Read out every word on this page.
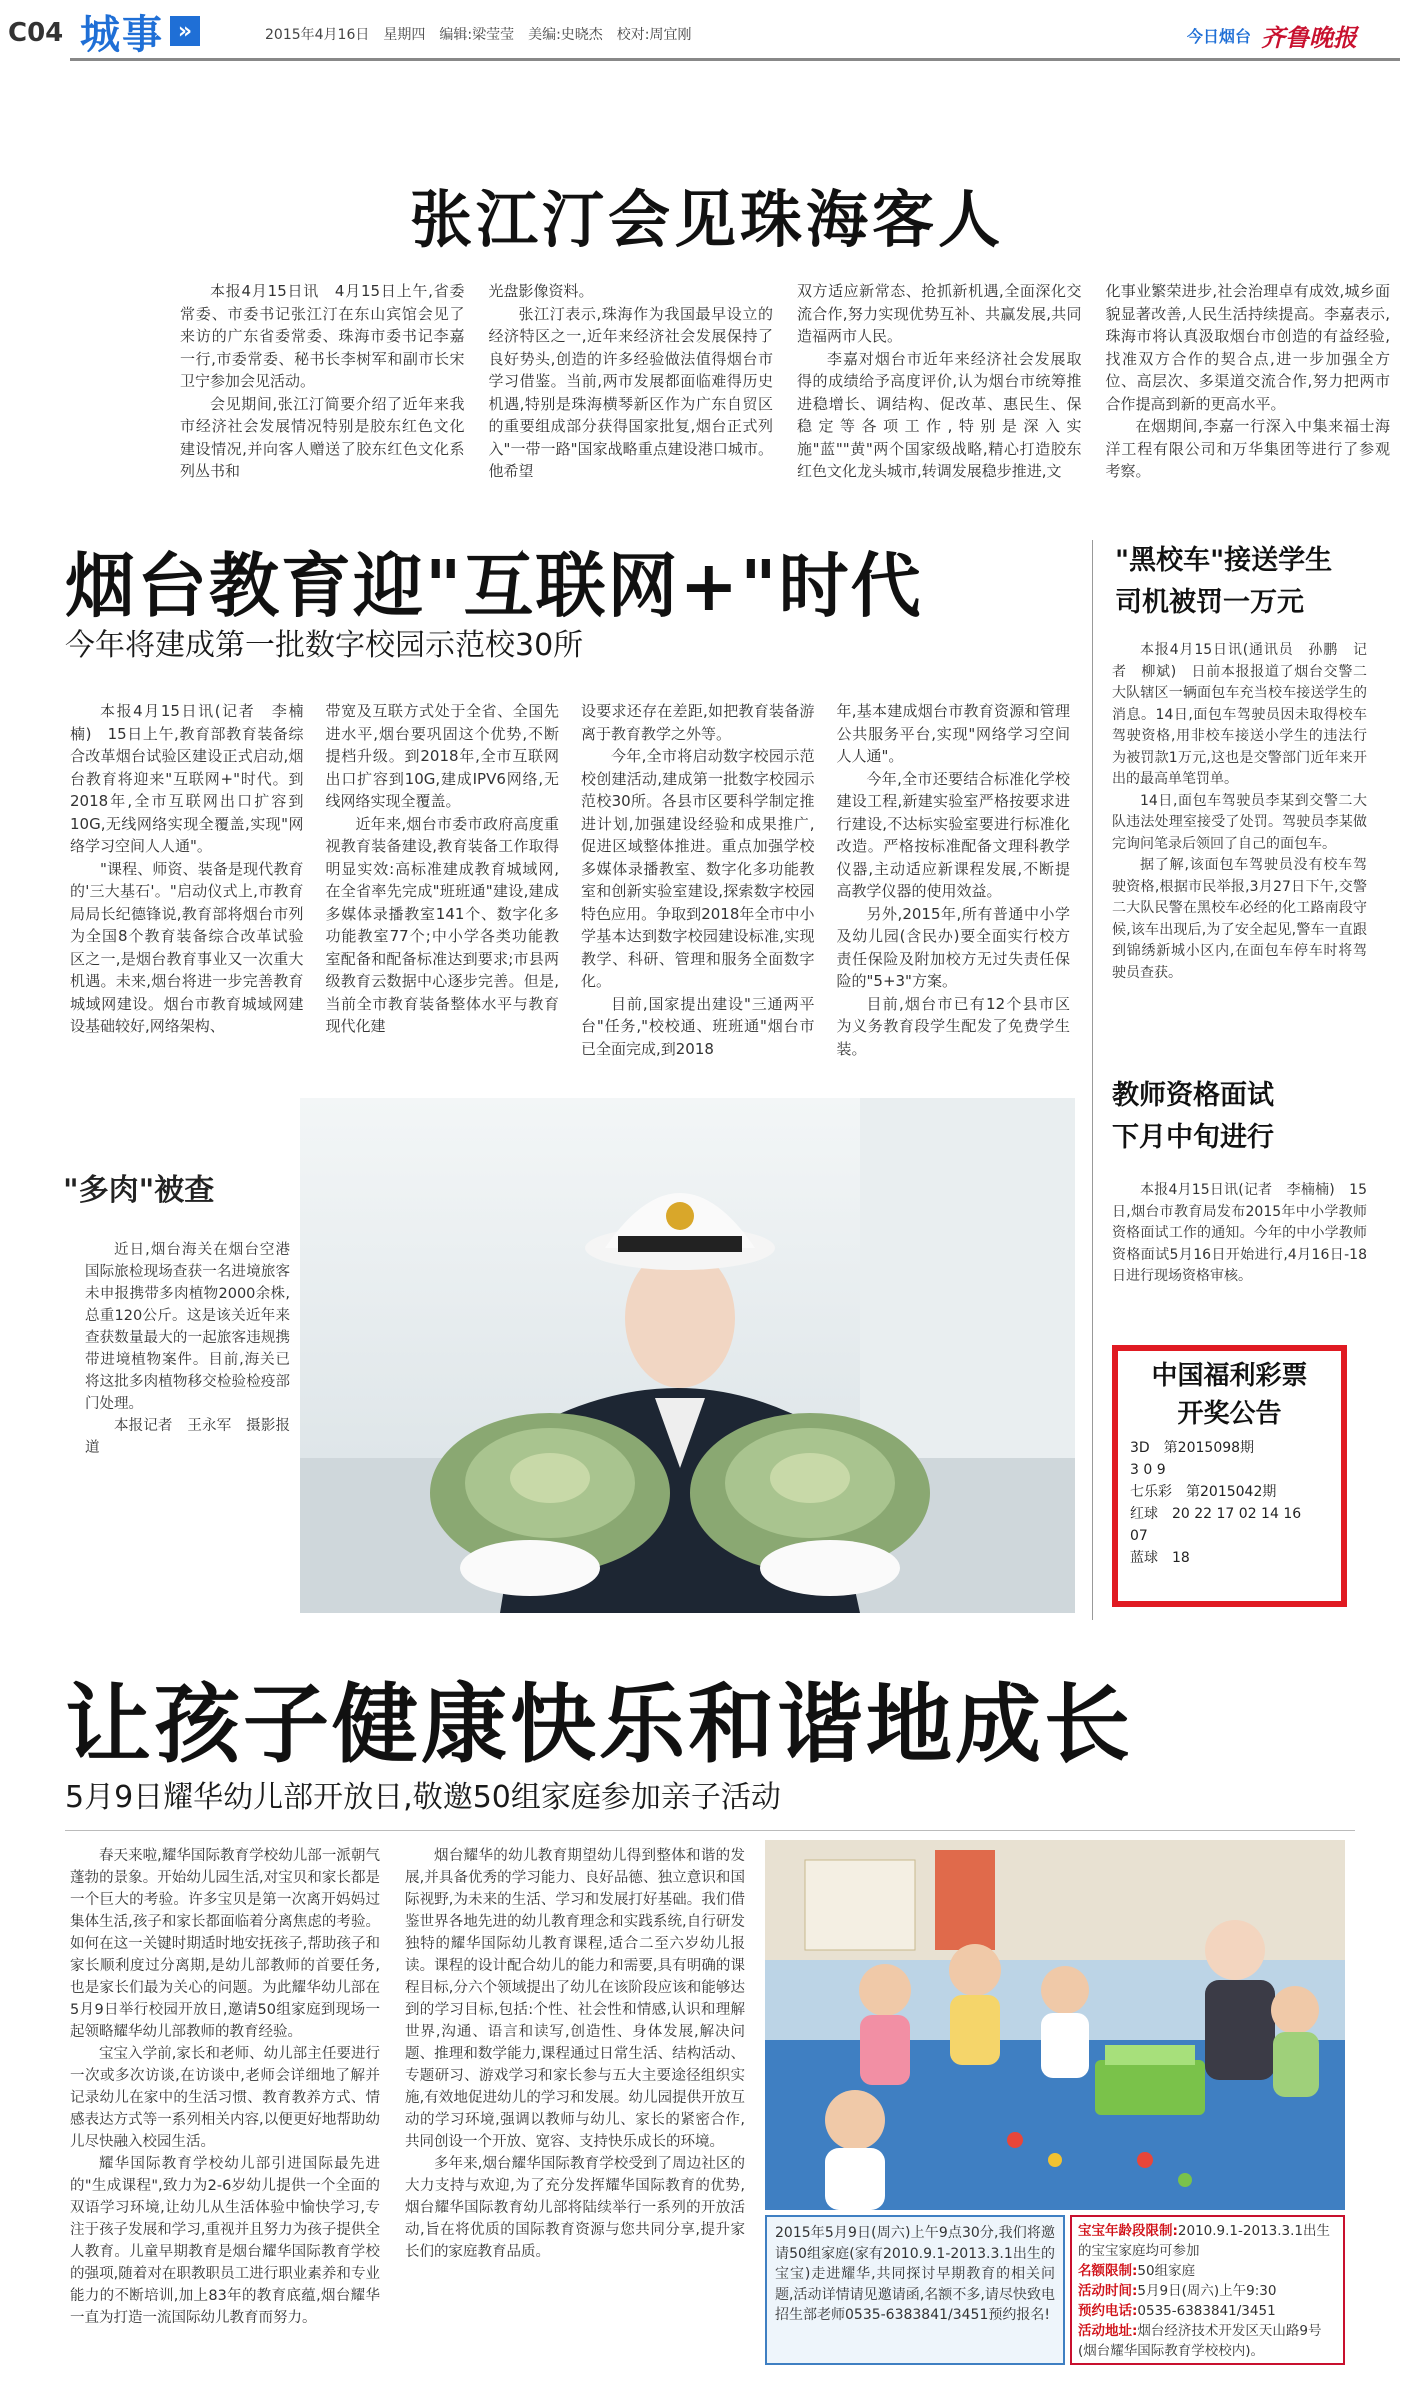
C04 城事 »	2015年4月16日　星期四　编辑:梁莹莹　美编:史晓杰　校对:周宜刚	今日烟台 齐鲁晚报
张江汀会见珠海客人

本报4月15日讯　4月15日上午,省委常委、市委书记张江汀在东山宾馆会见了来访的广东省委常委、珠海市委书记李嘉一行,市委常委、秘书长李树军和副市长宋卫宁参加会见活动。

会见期间,张江汀简要介绍了近年来我市经济社会发展情况特别是胶东红色文化建设情况,并向客人赠送了胶东红色文化系列丛书和

光盘影像资料。

张江汀表示,珠海作为我国最早设立的经济特区之一,近年来经济社会发展保持了良好势头,创造的许多经验做法值得烟台市学习借鉴。当前,两市发展都面临难得历史机遇,特别是珠海横琴新区作为广东自贸区的重要组成部分获得国家批复,烟台正式列入"一带一路"国家战略重点建设港口城市。他希望

双方适应新常态、抢抓新机遇,全面深化交流合作,努力实现优势互补、共赢发展,共同造福两市人民。

李嘉对烟台市近年来经济社会发展取得的成绩给予高度评价,认为烟台市统筹推进稳增长、调结构、促改革、惠民生、保稳定等各项工作,特别是深入实施"蓝""黄"两个国家级战略,精心打造胶东红色文化龙头城市,转调发展稳步推进,文

化事业繁荣进步,社会治理卓有成效,城乡面貌显著改善,人民生活持续提高。李嘉表示,珠海市将认真汲取烟台市创造的有益经验,找准双方合作的契合点,进一步加强全方位、高层次、多渠道交流合作,努力把两市合作提高到新的更高水平。

在烟期间,李嘉一行深入中集来福士海洋工程有限公司和万华集团等进行了参观考察。

烟台教育迎"互联网+"时代
今年将建成第一批数字校园示范校30所

本报4月15日讯(记者　李楠楠)　15日上午,教育部教育装备综合改革烟台试验区建设正式启动,烟台教育将迎来"互联网+"时代。到2018年,全市互联网出口扩容到10G,无线网络实现全覆盖,实现"网络学习空间人人通"。

"课程、师资、装备是现代教育的'三大基石'。"启动仪式上,市教育局局长纪德锋说,教育部将烟台市列为全国8个教育装备综合改革试验区之一,是烟台教育事业又一次重大机遇。未来,烟台将进一步完善教育城域网建设。烟台市教育城域网建设基础较好,网络架构、

带宽及互联方式处于全省、全国先进水平,烟台要巩固这个优势,不断提档升级。到2018年,全市互联网出口扩容到10G,建成IPV6网络,无线网络实现全覆盖。

近年来,烟台市委市政府高度重视教育装备建设,教育装备工作取得明显实效:高标准建成教育城域网,在全省率先完成"班班通"建设,建成多媒体录播教室141个、数字化多功能教室77个;中小学各类功能教室配备和配备标准达到要求;市县两级教育云数据中心逐步完善。但是,当前全市教育装备整体水平与教育现代化建

设要求还存在差距,如把教育装备游离于教育教学之外等。

今年,全市将启动数字校园示范校创建活动,建成第一批数字校园示范校30所。各县市区要科学制定推进计划,加强建设经验和成果推广,促进区域整体推进。重点加强学校多媒体录播教室、数字化多功能教室和创新实验室建设,探索数字校园特色应用。争取到2018年全市中小学基本达到数字校园建设标准,实现教学、科研、管理和服务全面数字化。

目前,国家提出建设"三通两平台"任务,"校校通、班班通"烟台市已全面完成,到2018

年,基本建成烟台市教育资源和管理公共服务平台,实现"网络学习空间人人通"。

今年,全市还要结合标准化学校建设工程,新建实验室严格按要求进行建设,不达标实验室要进行标准化改造。严格按标准配备文理科教学仪器,主动适应新课程发展,不断提高教学仪器的使用效益。

另外,2015年,所有普通中小学及幼儿园(含民办)要全面实行校方责任保险及附加校方无过失责任保险的"5+3"方案。

目前,烟台市已有12个县市区为义务教育段学生配发了免费学生装。

"黑校车"接送学生
司机被罚一万元

本报4月15日讯(通讯员　孙鹏　记者　柳斌)　日前本报报道了烟台交警二大队辖区一辆面包车充当校车接送学生的消息。14日,面包车驾驶员因未取得校车驾驶资格,用非校车接送小学生的违法行为被罚款1万元,这也是交警部门近年来开出的最高单笔罚单。

14日,面包车驾驶员李某到交警二大队违法处理室接受了处罚。驾驶员李某做完询问笔录后领回了自己的面包车。

据了解,该面包车驾驶员没有校车驾驶资格,根据市民举报,3月27日下午,交警二大队民警在黑校车必经的化工路南段守候,该车出现后,为了安全起见,警车一直跟到锦绣新城小区内,在面包车停车时将驾驶员查获。

教师资格面试
下月中旬进行

本报4月15日讯(记者　李楠楠)　15日,烟台市教育局发布2015年中小学教师资格面试工作的通知。今年的中小学教师资格面试5月16日开始进行,4月16日-18日进行现场资格审核。

中国福利彩票
开奖公告
3D　第2015098期
3 0 9
七乐彩　第2015042期
红球　20 22 17 02 14 16
07
蓝球　18
"多肉"被查

近日,烟台海关在烟台空港国际旅检现场查获一名进境旅客未申报携带多肉植物2000余株,总重120公斤。这是该关近年来查获数量最大的一起旅客违规携带进境植物案件。目前,海关已将这批多肉植物移交检验检疫部门处理。

本报记者　王永军　摄影报道

让孩子健康快乐和谐地成长
5月9日耀华幼儿部开放日,敬邀50组家庭参加亲子活动

春天来啦,耀华国际教育学校幼儿部一派朝气蓬勃的景象。开始幼儿园生活,对宝贝和家长都是一个巨大的考验。许多宝贝是第一次离开妈妈过集体生活,孩子和家长都面临着分离焦虑的考验。如何在这一关键时期适时地安抚孩子,帮助孩子和家长顺利度过分离期,是幼儿部教师的首要任务,也是家长们最为关心的问题。为此耀华幼儿部在5月9日举行校园开放日,邀请50组家庭到现场一起领略耀华幼儿部教师的教育经验。

宝宝入学前,家长和老师、幼儿部主任要进行一次或多次访谈,在访谈中,老师会详细地了解并记录幼儿在家中的生活习惯、教育教养方式、情感表达方式等一系列相关内容,以便更好地帮助幼儿尽快融入校园生活。

耀华国际教育学校幼儿部引进国际最先进的"生成课程",致力为2-6岁幼儿提供一个全面的双语学习环境,让幼儿从生活体验中愉快学习,专注于孩子发展和学习,重视并且努力为孩子提供全人教育。儿童早期教育是烟台耀华国际教育学校的强项,随着对在职教职员工进行职业素养和专业能力的不断培训,加上83年的教育底蕴,烟台耀华一直为打造一流国际幼儿教育而努力。

烟台耀华的幼儿教育期望幼儿得到整体和谐的发展,并具备优秀的学习能力、良好品德、独立意识和国际视野,为未来的生活、学习和发展打好基础。我们借鉴世界各地先进的幼儿教育理念和实践系统,自行研发独特的耀华国际幼儿教育课程,适合二至六岁幼儿报读。课程的设计配合幼儿的能力和需要,具有明确的课程目标,分六个领域提出了幼儿在该阶段应该和能够达到的学习目标,包括:个性、社会性和情感,认识和理解世界,沟通、语言和读写,创造性、身体发展,解决问题、推理和数学能力,课程通过日常生活、结构活动、专题研习、游戏学习和家长参与五大主要途径组织实施,有效地促进幼儿的学习和发展。幼儿园提供开放互动的学习环境,强调以教师与幼儿、家长的紧密合作,共同创设一个开放、宽容、支持快乐成长的环境。

多年来,烟台耀华国际教育学校受到了周边社区的大力支持与欢迎,为了充分发挥耀华国际教育的优势,烟台耀华国际教育幼儿部将陆续举行一系列的开放活动,旨在将优质的国际教育资源与您共同分享,提升家长们的家庭教育品质。

2015年5月9日(周六)上午9点30分,我们将邀请50组家庭(家有2010.9.1-2013.3.1出生的宝宝)走进耀华,共同探讨早期教育的相关问题,活动详情请见邀请函,名额不多,请尽快致电招生部老师0535-6383841/3451预约报名!
宝宝年龄段限制:2010.9.1-2013.3.1出生的宝宝家庭均可参加
名额限制:50组家庭
活动时间:5月9日(周六)上午9:30
预约电话:0535-6383841/3451
活动地址:烟台经济技术开发区天山路9号(烟台耀华国际教育学校校内)。
